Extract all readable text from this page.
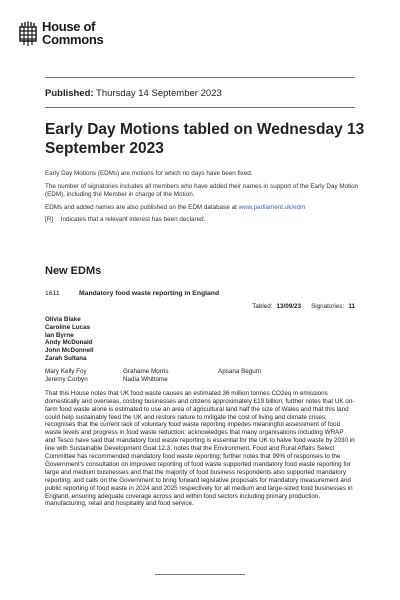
House of
Commons
Published: Thursday 14 September 2023
Early Day Motions tabled on Wednesday 13 September 2023

Early Day Motions (EDMs) are motions for which no days have been fixed.

The number of signatories includes all members who have added their names in support of the Early Day Motion (EDM), including the Member in charge of the Motion.

EDMs and added names are also published on the EDM database at www.parliament.uk/edm

[R] Indicates that a relevant interest has been declared.

New EDMs
1611	Mandatory food waste reporting in England
Tabled: 13/09/23 Signatories: 11
Olivia Blake
Caroline Lucas
Ian Byrne
Andy McDonald
John McDonnell
Zarah Sultana
Mary Kelly Foy	Grahame Morris	Apsana Begum
Jeremy Corbyn	Nadia Whittome
That this House notes that UK food waste causes an estimated 36 million tonnes CO2eq in emissions domestically and overseas, costing businesses and citizens approximately £19 billion; further notes that UK on-farm food waste alone is estimated to use an area of agricultural land half the size of Wales and that this land could help sustainably feed the UK and restore nature to mitigate the cost of living and climate crises; recognises that the current lack of voluntary food waste reporting impedes meaningful assessment of food waste levels and progress in food waste reduction; acknowledges that many organisations including WRAP and Tesco have said that mandatory food waste reporting is essential for the UK to halve food waste by 2030 in line with Sustainable Development Goal 12.3; notes that the Environment, Food and Rural Affairs Select Committee has recommended mandatory food waste reporting; further notes that 99% of responses to the Government's consultation on improved reporting of food waste supported mandatory food waste reporting for large and medium businesses and that the majority of food business respondents also supported mandatory reporting; and calls on the Government to bring forward legislative proposals for mandatory measurement and public reporting of food waste in 2024 and 2025 respectively for all medium and large-sized food businesses in England, ensuring adequate coverage across and within food sectors including primary production, manufacturing, retail and hospitality and food service.
